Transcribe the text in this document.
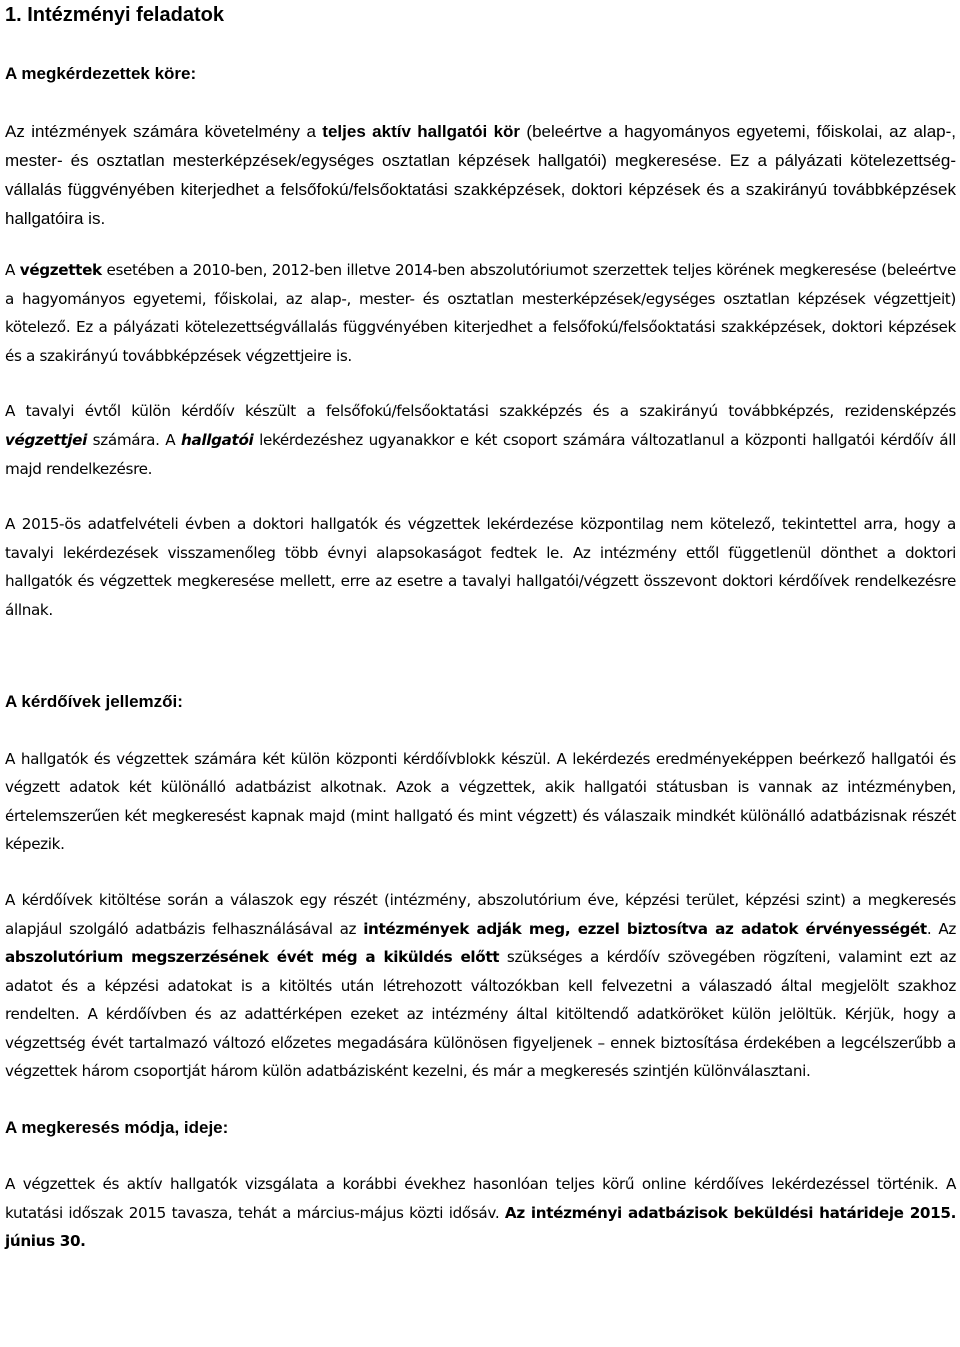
1. Intézményi feladatok
A megkérdezettek köre:

Az intézmények számára követelmény a teljes aktív hallgatói kör (beleértve a hagyományos egyetemi, főiskolai, az alap-, mester- és osztatlan mesterképzések/egységes osztatlan képzések hallgatói) megkeresése. Ez a pályázati kötelezettség-vállalás függvényében kiterjedhet a felsőfokú/felsőoktatási szakképzések, doktori képzések és a szakirányú továbbképzések hallgatóira is.

A végzettek esetében a 2010-ben, 2012-ben illetve 2014-ben abszolutóriumot szerzettek teljes körének megkeresése (beleértve a hagyományos egyetemi, főiskolai, az alap-, mester- és osztatlan mesterképzések/egységes osztatlan képzések végzettjeit) kötelező. Ez a pályázati kötelezettségvállalás függvényében kiterjedhet a felsőfokú/felsőoktatási szakképzések, doktori képzések és a szakirányú továbbképzések végzettjeire is.

A tavalyi évtől külön kérdőív készült a felsőfokú/felsőoktatási szakképzés és a szakirányú továbbképzés, rezidensképzés végzettjei számára. A hallgatói lekérdezéshez ugyanakkor e két csoport számára változatlanul a központi hallgatói kérdőív áll majd rendelkezésre.

A 2015-ös adatfelvételi évben a doktori hallgatók és végzettek lekérdezése központilag nem kötelező, tekintettel arra, hogy a tavalyi lekérdezések visszamenőleg több évnyi alapsokaságot fedtek le. Az intézmény ettől függetlenül dönthet a doktori hallgatók és végzettek megkeresése mellett, erre az esetre a tavalyi hallgatói/végzett összevont doktori kérdőívek rendelkezésre állnak.

A kérdőívek jellemzői:

A hallgatók és végzettek számára két külön központi kérdőívblokk készül. A lekérdezés eredményeképpen beérkező hallgatói és végzett adatok két különálló adatbázist alkotnak. Azok a végzettek, akik hallgatói státusban is vannak az intézményben, értelemszerűen két megkeresést kapnak majd (mint hallgató és mint végzett) és válaszaik mindkét különálló adatbázisnak részét képezik.

A kérdőívek kitöltése során a válaszok egy részét (intézmény, abszolutórium éve, képzési terület, képzési szint) a megkeresés alapjául szolgáló adatbázis felhasználásával az intézmények adják meg, ezzel biztosítva az adatok érvényességét. Az abszolutórium megszerzésének évét még a kiküldés előtt szükséges a kérdőív szövegében rögzíteni, valamint ezt az adatot és a képzési adatokat is a kitöltés után létrehozott változókban kell felvezetni a válaszadó által megjelölt szakhoz rendelten. A kérdőívben és az adattérképen ezeket az intézmény által kitöltendő adatköröket külön jelöltük. Kérjük, hogy a végzettség évét tartalmazó változó előzetes megadására különösen figyeljenek – ennek biztosítása érdekében a legcélszerűbb a végzettek három csoportját három külön adatbázisként kezelni, és már a megkeresés szintjén különválasztani.

A megkeresés módja, ideje:

A végzettek és aktív hallgatók vizsgálata a korábbi évekhez hasonlóan teljes körű online kérdőíves lekérdezéssel történik. A kutatási időszak 2015 tavasza, tehát a március-május közti idősáv. Az intézményi adatbázisok beküldési határideje 2015. június 30.
